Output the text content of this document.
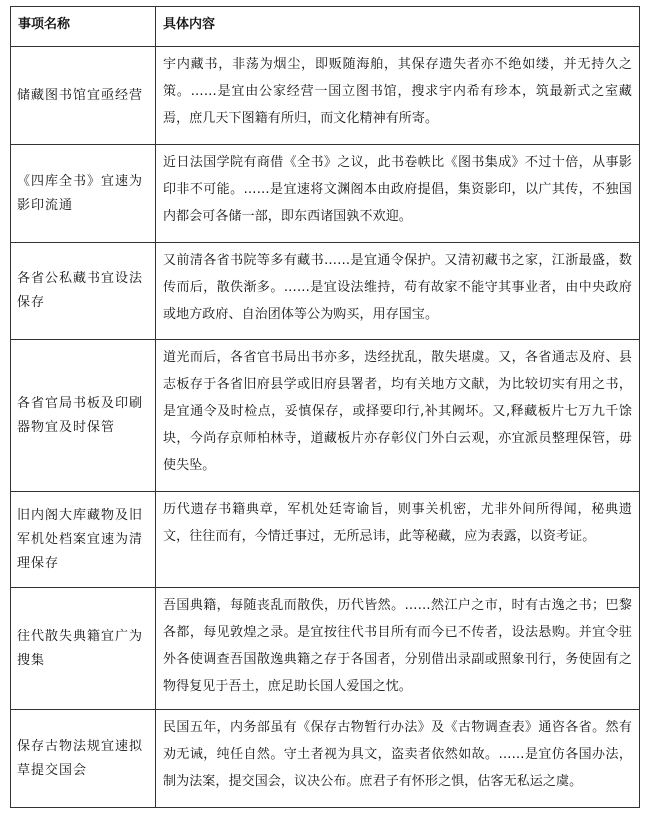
事项名称	具体内容
储藏图书馆宜亟经营	宇内藏书，非荡为烟尘，即贩随海舶，其保存遗失者亦不绝如缕，并无持久之策。……是宜由公家经营一国立图书馆，搜求宇内希有珍本，筑最新式之室藏焉，庶几天下图籍有所归，而文化精神有所寄。
《四库全书》宜速为影印流通	近日法国学院有商借《全书》之议，此书卷帙比《图书集成》不过十倍，从事影印非不可能。……是宜速将文渊阁本由政府提倡，集资影印，以广其传，不独国内都会可各储一部，即东西诸国孰不欢迎。
各省公私藏书宜设法保存	又前清各省书院等多有藏书……是宜通令保护。又清初藏书之家，江浙最盛，数传而后，散佚渐多。……是宜设法维持，苟有故家不能守其事业者，由中央政府或地方政府、自治团体等公为购买，用存国宝。
各省官局书板及印刷器物宜及时保管	道光而后，各省官书局出书亦多，迭经扰乱，散失堪虞。又，各省通志及府、县志板存于各省旧府县学或旧府县署者，均有关地方文献，为比较切实有用之书，是宜通令及时检点，妥慎保存，或择要印行,补其阙坏。又,释藏板片七万九千馀块，今尚存京师柏林寺，道藏板片亦存彰仪门外白云观，亦宜派员整理保管，毋使失坠。
旧内阁大库藏物及旧军机处档案宜速为清理保存	历代遗存书籍典章，军机处廷寄谕旨，则事关机密，尤非外间所得闻，秘典遗文，往往而有，今情迁事过，无所忌讳，此等秘藏，应为表露，以资考证。
往代散失典籍宜广为搜集	吾国典籍，每随丧乱而散佚，历代皆然。……然江户之市，时有古逸之书；巴黎各都，每见敦煌之录。是宜按往代书目所有而今已不传者，设法悬购。并宜令驻外各使调查吾国散逸典籍之存于各国者，分别借出录副或照象刊行，务使固有之物得复见于吾土，庶足助长国人爱国之忱。
保存古物法规宜速拟草提交国会	民国五年，内务部虽有《保存古物暂行办法》及《古物调查表》通咨各省。然有劝无诫，纯任自然。守土者视为具文，盗卖者依然如故。……是宜仿各国办法，制为法案，提交国会，议决公布。庶君子有怀形之惧，估客无私运之虞。
